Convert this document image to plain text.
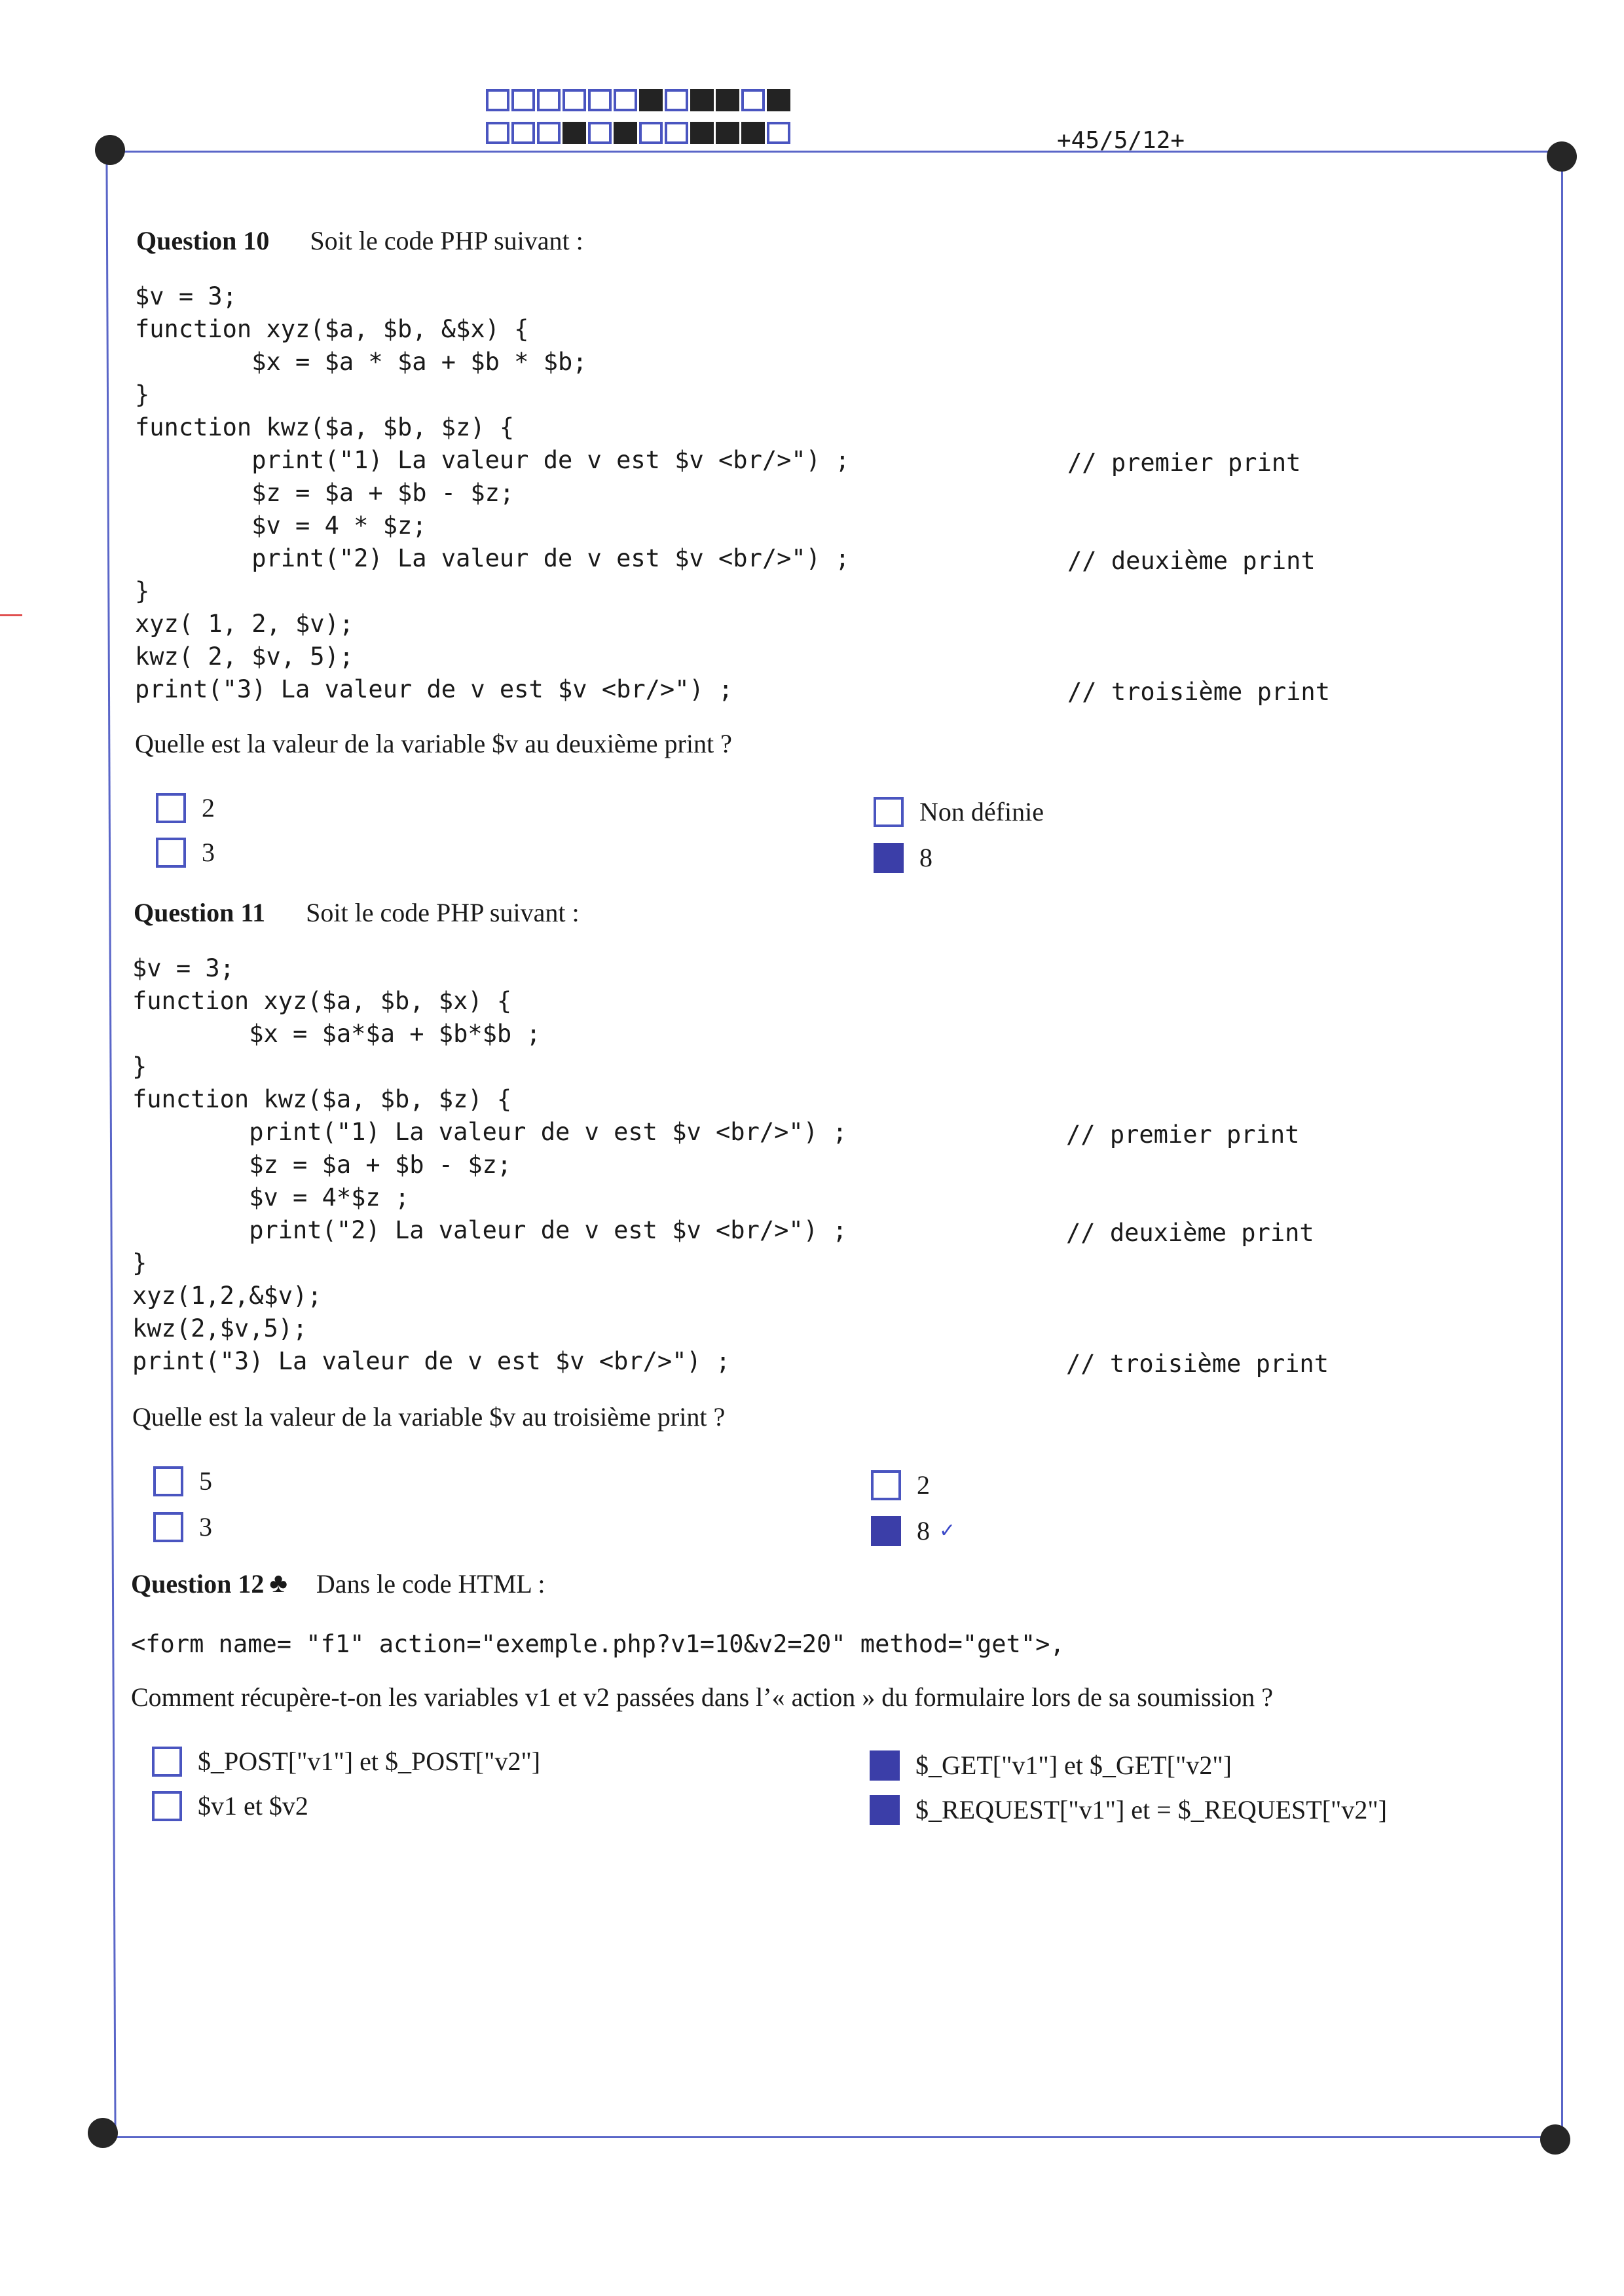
+45/5/12+
Question 10 Soit le code PHP suivant :
$v = 3;
function xyz($a, $b, &$x) {
$x = $a * $a + $b * $b;
}
function kwz($a, $b, $z) {
print("1) La valeur de v est $v <br/>") ;
$z = $a + $b - $z;
$v = 4 * $z;
print("2) La valeur de v est $v <br/>") ;
}
xyz( 1, 2, $v);
kwz( 2, $v, 5);
print("3) La valeur de v est $v <br/>") ;
// premier print
// deuxième print
// troisième print
Quelle est la valeur de la variable $v au deuxième print ?
2
3
Non définie
8
Question 11 Soit le code PHP suivant :
$v = 3;
function xyz($a, $b, $x) {
$x = $a*$a + $b*$b ;
}
function kwz($a, $b, $z) {
print("1) La valeur de v est $v <br/>") ;
$z = $a + $b - $z;
$v = 4*$z ;
print("2) La valeur de v est $v <br/>") ;
}
xyz(1,2,&$v);
kwz(2,$v,5);
print("3) La valeur de v est $v <br/>") ;
// premier print
// deuxième print
// troisième print
Quelle est la valeur de la variable $v au troisième print ?
5
3
2
8 ✓
Question 12 ♣ Dans le code HTML :
<form name= "f1" action="exemple.php?v1=10&v2=20" method="get">,
Comment récupère-t-on les variables v1 et v2 passées dans l’« action » du formulaire lors de sa soumission ?
$_POST["v1"] et $_POST["v2"]
$v1 et $v2
$_GET["v1"] et $_GET["v2"]
$_REQUEST["v1"] et = $_REQUEST["v2"]
